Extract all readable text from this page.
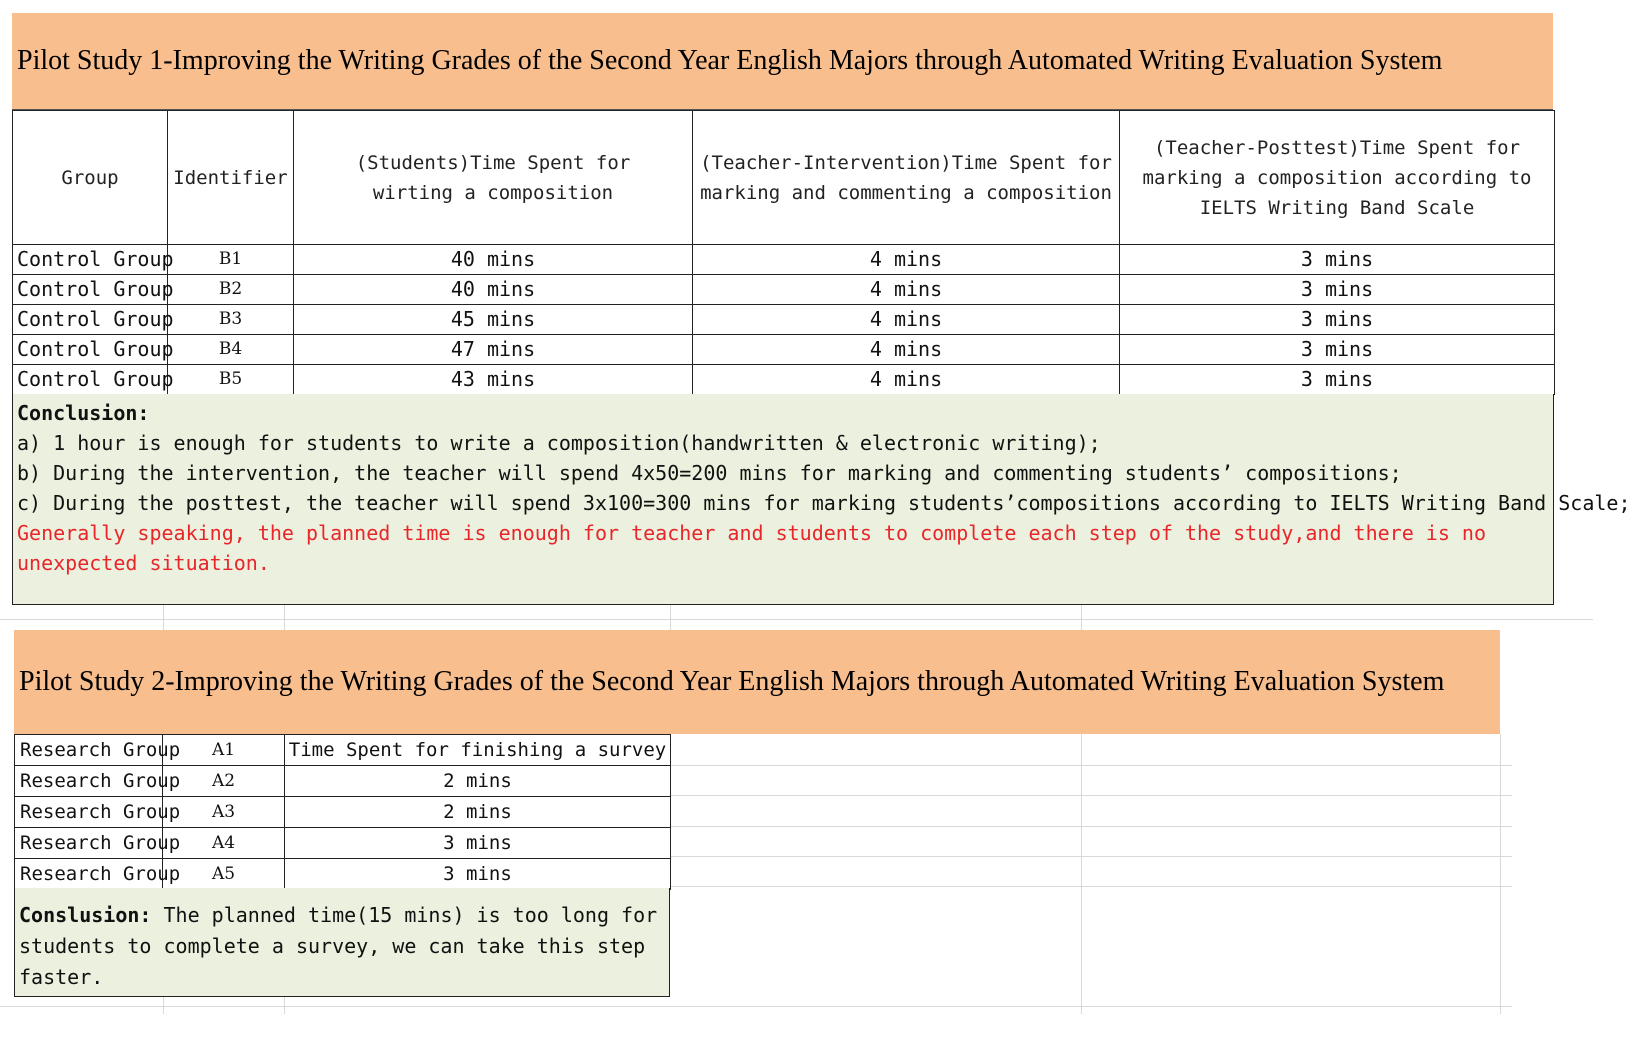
Pilot Study 1-Improving the Writing Grades of the Second Year English Majors through Automated Writing Evaluation System
Group	Identifier	(Students)Time Spent for wirting a composition	(Teacher-Intervention)Time Spent for marking and commenting a composition	(Teacher-Posttest)Time Spent for marking a composition according to IELTS Writing Band Scale
Control Group	B1	40 mins	4 mins	3 mins
Control Group	B2	40 mins	4 mins	3 mins
Control Group	B3	45 mins	4 mins	3 mins
Control Group	B4	47 mins	4 mins	3 mins
Control Group	B5	43 mins	4 mins	3 mins
Conclusion:
a) 1 hour is enough for students to write a composition(handwritten & electronic writing);
b) During the intervention, the teacher will spend 4x50=200 mins for marking and commenting students’ compositions;
c) During the posttest, the teacher will spend 3x100=300 mins for marking students’compositions according to IELTS Writing Band Scale;
Generally speaking, the planned time is enough for teacher and students to complete each step of the study,and there is no unexpected situation.
Pilot Study 2-Improving the Writing Grades of the Second Year English Majors through Automated Writing Evaluation System
Research Group	A1	Time Spent for finishing a survey
Research Group	A2	2 mins
Research Group	A3	2 mins
Research Group	A4	3 mins
Research Group	A5	3 mins
Conslusion: The planned time(15 mins) is too long for students to complete a survey, we can take this step faster.
